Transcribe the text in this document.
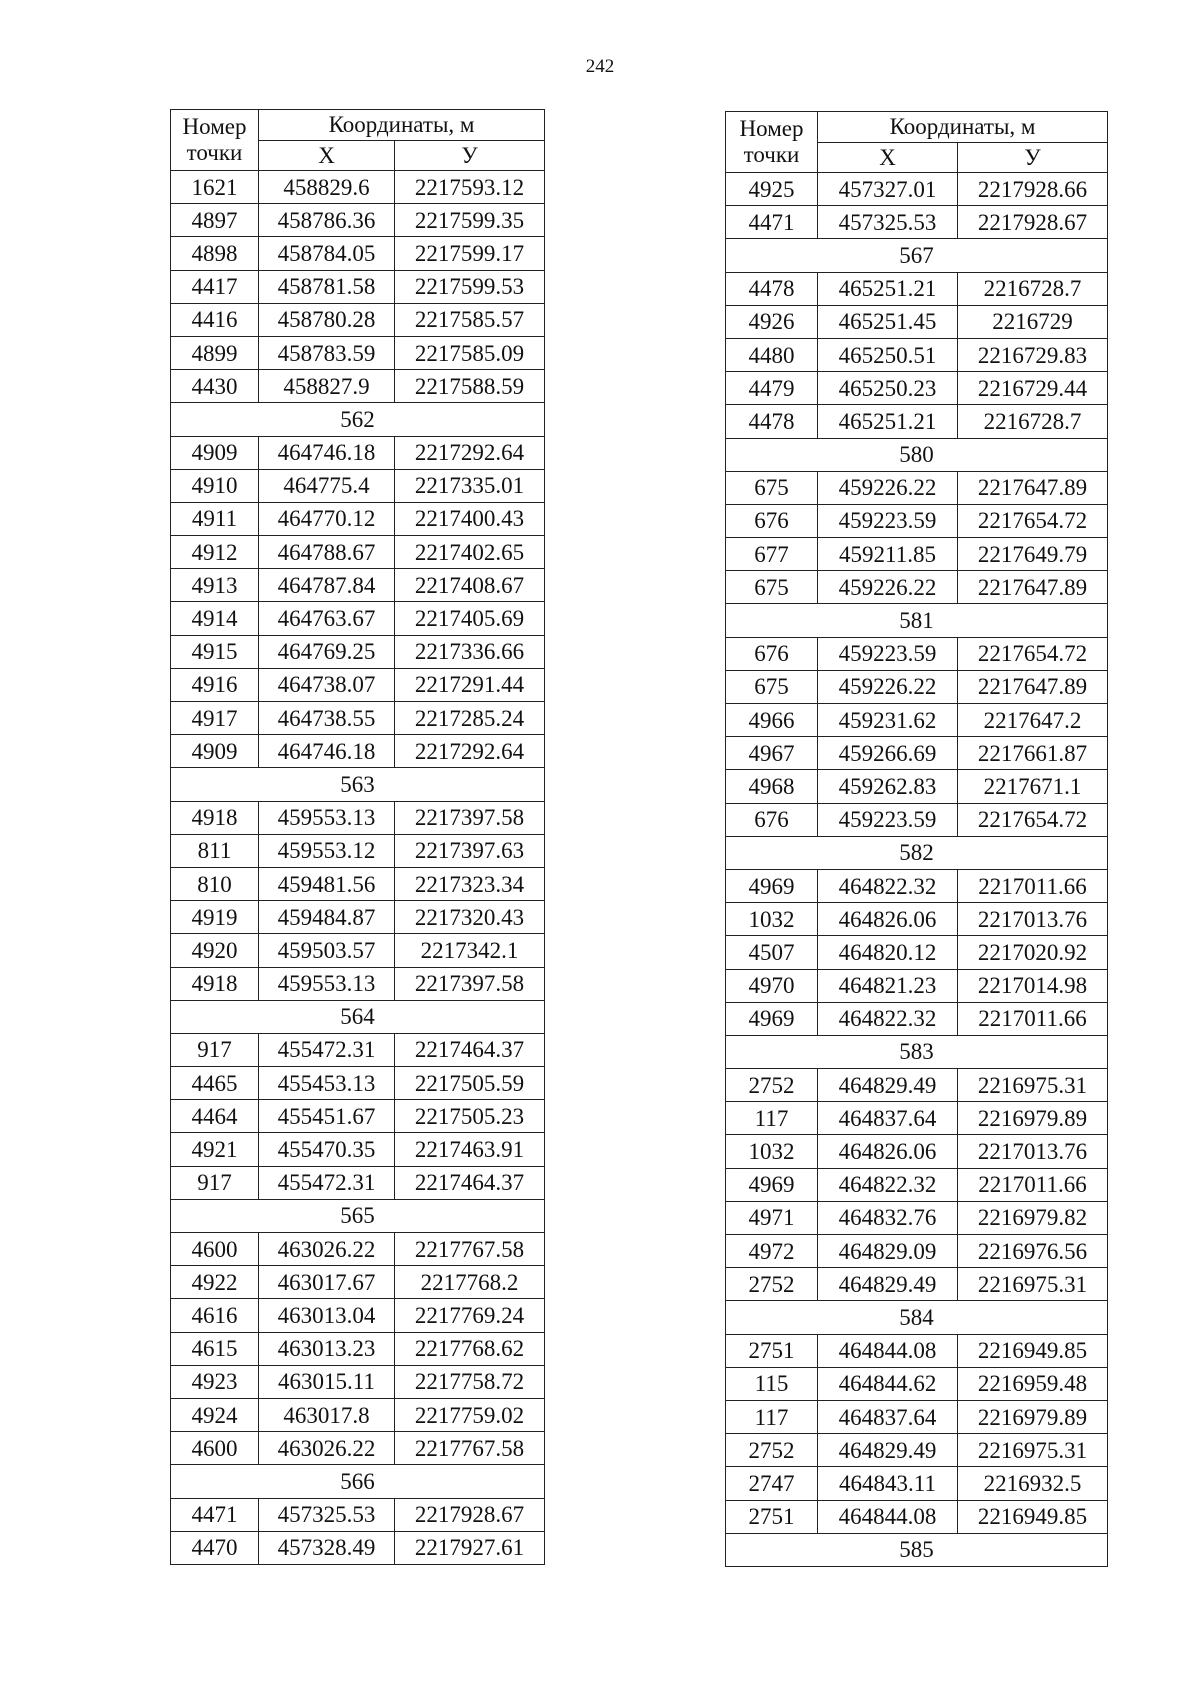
242
Номер
точки	Координаты, м	
	X	У
1621	458829.6	2217593.12
4897	458786.36	2217599.35
4898	458784.05	2217599.17
4417	458781.58	2217599.53
4416	458780.28	2217585.57
4899	458783.59	2217585.09
4430	458827.9	2217588.59
562		
4909	464746.18	2217292.64
4910	464775.4	2217335.01
4911	464770.12	2217400.43
4912	464788.67	2217402.65
4913	464787.84	2217408.67
4914	464763.67	2217405.69
4915	464769.25	2217336.66
4916	464738.07	2217291.44
4917	464738.55	2217285.24
4909	464746.18	2217292.64
563		
4918	459553.13	2217397.58
811	459553.12	2217397.63
810	459481.56	2217323.34
4919	459484.87	2217320.43
4920	459503.57	2217342.1
4918	459553.13	2217397.58
564		
917	455472.31	2217464.37
4465	455453.13	2217505.59
4464	455451.67	2217505.23
4921	455470.35	2217463.91
917	455472.31	2217464.37
565		
4600	463026.22	2217767.58
4922	463017.67	2217768.2
4616	463013.04	2217769.24
4615	463013.23	2217768.62
4923	463015.11	2217758.72
4924	463017.8	2217759.02
4600	463026.22	2217767.58
566		
4471	457325.53	2217928.67
4470	457328.49	2217927.61
Номер
точки	Координаты, м	
	X	У
4925	457327.01	2217928.66
4471	457325.53	2217928.67
567		
4478	465251.21	2216728.7
4926	465251.45	2216729
4480	465250.51	2216729.83
4479	465250.23	2216729.44
4478	465251.21	2216728.7
580		
675	459226.22	2217647.89
676	459223.59	2217654.72
677	459211.85	2217649.79
675	459226.22	2217647.89
581		
676	459223.59	2217654.72
675	459226.22	2217647.89
4966	459231.62	2217647.2
4967	459266.69	2217661.87
4968	459262.83	2217671.1
676	459223.59	2217654.72
582		
4969	464822.32	2217011.66
1032	464826.06	2217013.76
4507	464820.12	2217020.92
4970	464821.23	2217014.98
4969	464822.32	2217011.66
583		
2752	464829.49	2216975.31
117	464837.64	2216979.89
1032	464826.06	2217013.76
4969	464822.32	2217011.66
4971	464832.76	2216979.82
4972	464829.09	2216976.56
2752	464829.49	2216975.31
584		
2751	464844.08	2216949.85
115	464844.62	2216959.48
117	464837.64	2216979.89
2752	464829.49	2216975.31
2747	464843.11	2216932.5
2751	464844.08	2216949.85
585		
